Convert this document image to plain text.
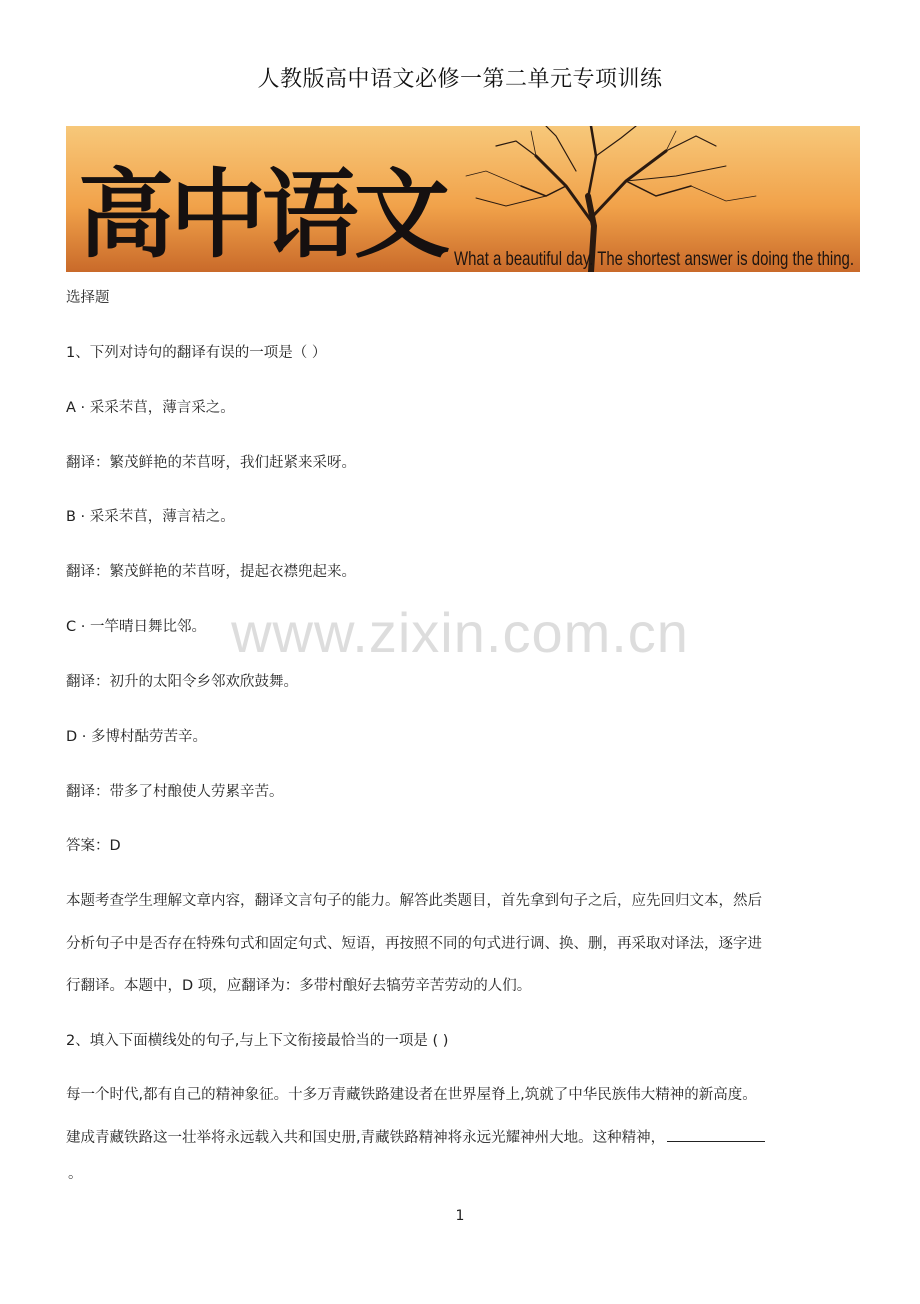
人教版高中语文必修一第二单元专项训练
高中语文 What a beautiful day. The shortest answer is doing the thing.
选择题
1、下列对诗句的翻译有误的一项是（ ）
A · 采采芣苢，薄言采之。
翻译：繁茂鲜艳的芣苢呀，我们赶紧来采呀。
B · 采采芣苢，薄言袺之。
翻译：繁茂鲜艳的芣苢呀，提起衣襟兜起来。
C · 一竿晴日舞比邻。
翻译：初升的太阳令乡邻欢欣鼓舞。
D · 多博村酤劳苦辛。
翻译：带多了村酿使人劳累辛苦。
答案：D
本题考查学生理解文章内容，翻译文言句子的能力。解答此类题目，首先拿到句子之后，应先回归文本，然后
分析句子中是否存在特殊句式和固定句式、短语，再按照不同的句式进行调、换、删，再采取对译法，逐字进
行翻译。本题中，D 项，应翻译为：多带村酿好去犒劳辛苦劳动的人们。
2、填入下面横线处的句子,与上下文衔接最恰当的一项是 ( )
每一个时代,都有自己的精神象征。十多万青藏铁路建设者在世界屋脊上,筑就了中华民族伟大精神的新高度。
建成青藏铁路这一壮举将永远载入共和国史册,青藏铁路精神将永远光耀神州大地。这种精神，
。
www.zixin.com.cn
1
